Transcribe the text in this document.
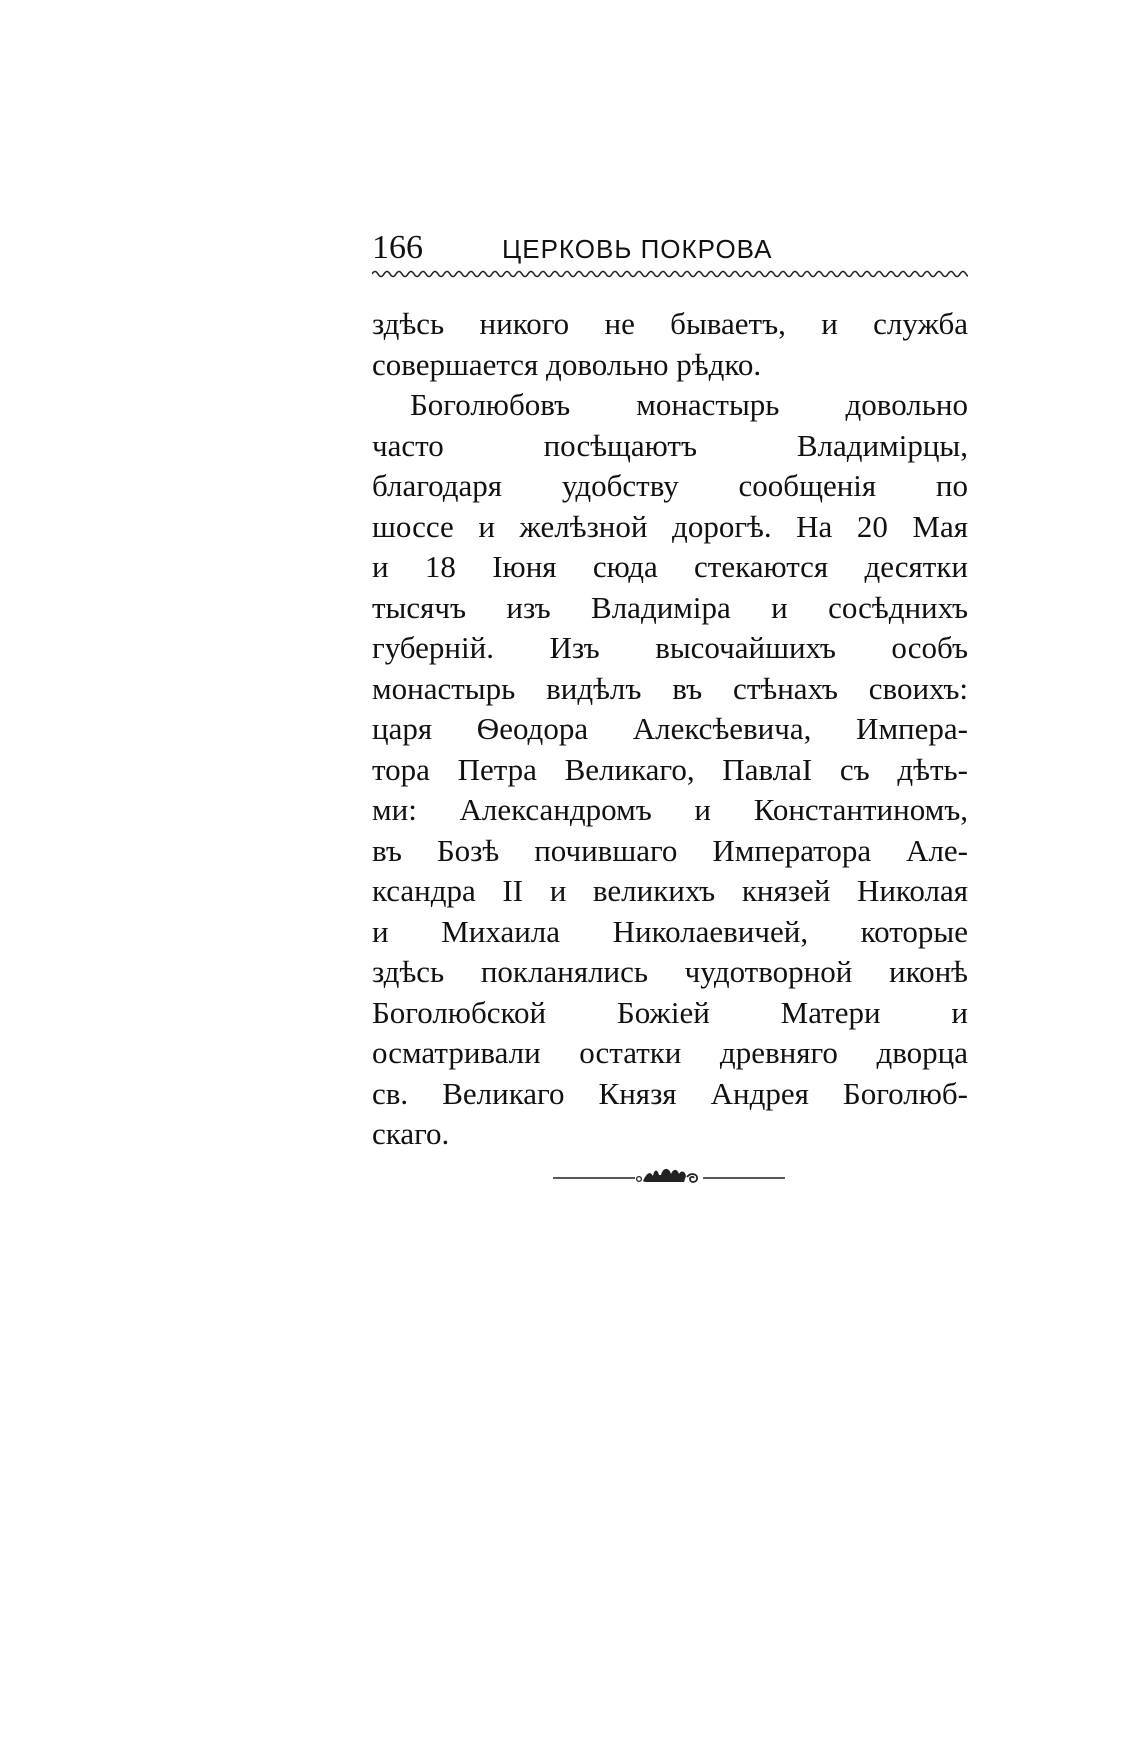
166	ЦЕРКОВЬ ПОКРОВА
здѣсь никого не бываетъ, и служба
совершается довольно рѣдко.
Боголюбовъ монастырь довольно
часто посѣщаютъ Владимірцы,
благодаря удобству сообщенія по
шоссе и желѣзной дорогѣ. На 20 Мая
и 18 Іюня сюда стекаются десятки
тысячъ изъ Владиміра и сосѣднихъ
губерній. Изъ высочайшихъ особъ
монастырь видѣлъ въ стѣнахъ своихъ:
царя Ѳеодора Алексѣевича, Импера-
тора Петра Великаго, ПавлаI съ дѣть-
ми: Александромъ и Константиномъ,
въ Бозѣ почившаго Императора Але-
ксандра II и великихъ князей Николая
и Михаила Николаевичей, которые
здѣсь покланялись чудотворной иконѣ
Боголюбской Божіей Матери и
осматривали остатки древняго дворца
св. Великаго Князя Андрея Боголюб-
скаго.
